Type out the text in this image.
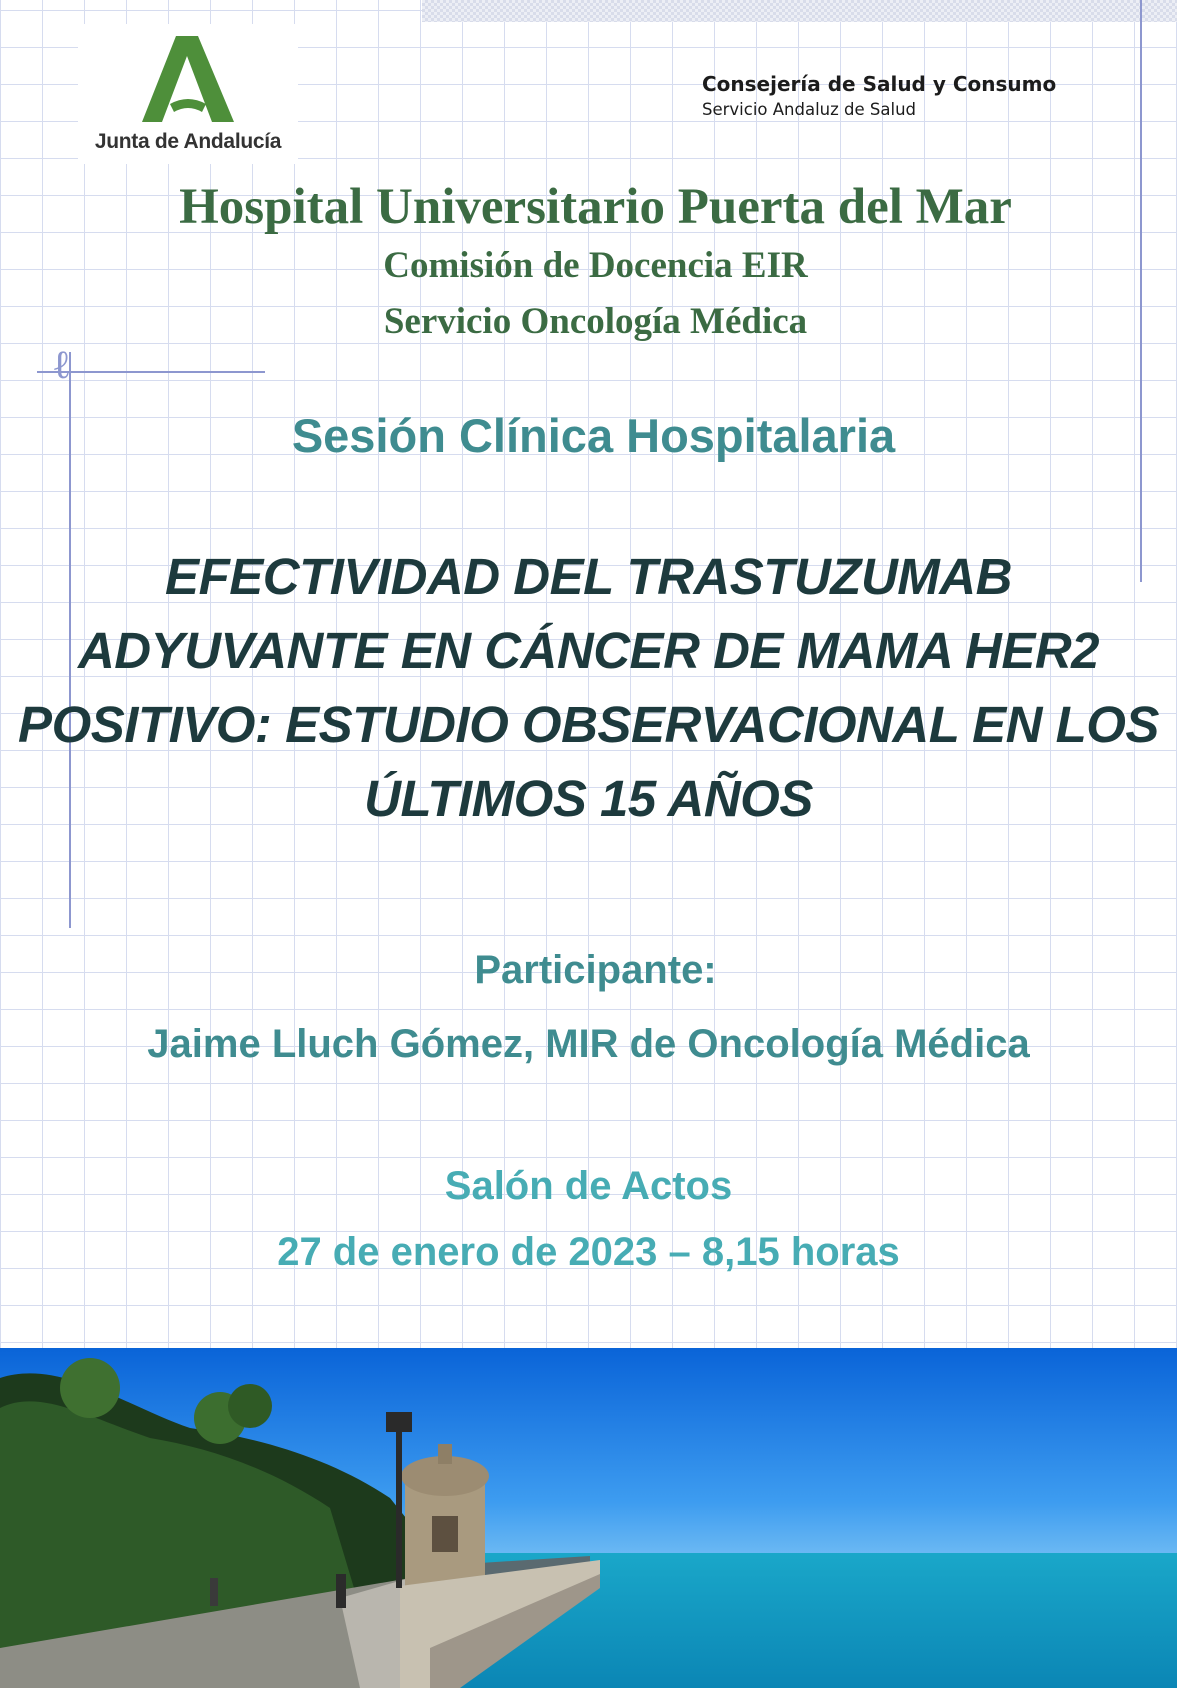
ℓ
Junta de Andalucía
Consejería de Salud y Consumo
Servicio Andaluz de Salud
Hospital Universitario Puerta del Mar
Comisión de Docencia EIR
Servicio Oncología Médica
Sesión Clínica Hospitalaria
EFECTIVIDAD DEL TRASTUZUMAB
ADYUVANTE EN CÁNCER DE MAMA HER2
POSITIVO: ESTUDIO OBSERVACIONAL EN LOS
ÚLTIMOS 15 AÑOS
Participante:
Jaime Lluch Gómez, MIR de Oncología Médica
Salón de Actos
27 de enero de 2023 – 8,15 horas
